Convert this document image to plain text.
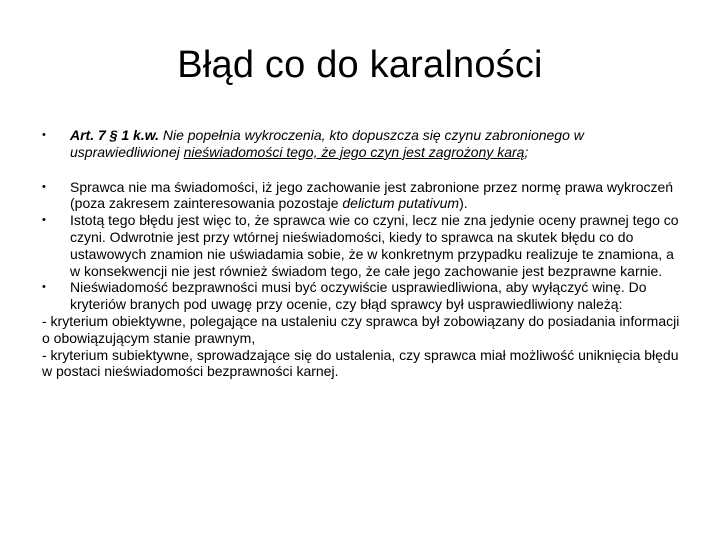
Błąd co do karalności
• Art. 7 § 1 k.w. Nie popełnia wykroczenia, kto dopuszcza się czynu zabronionego w usprawiedliwionej nieświadomości tego, że jego czyn jest zagrożony karą;
• Sprawca nie ma świadomości, iż jego zachowanie jest zabronione przez normę prawa wykroczeń (poza zakresem zainteresowania pozostaje delictum putativum).
• Istotą tego błędu jest więc to, że sprawca wie co czyni, lecz nie zna jedynie oceny prawnej tego co czyni. Odwrotnie jest przy wtórnej nieświadomości, kiedy to sprawca na skutek błędu co do ustawowych znamion nie uświadamia sobie, że w konkretnym przypadku realizuje te znamiona, a w konsekwencji nie jest również świadom tego, że całe jego zachowanie jest bezprawne karnie.
• Nieświadomość bezprawności musi być oczywiście usprawiedliwiona, aby wyłączyć winę. Do kryteriów branych pod uwagę przy ocenie, czy błąd sprawcy był usprawiedliwiony należą:
- kryterium obiektywne, polegające na ustaleniu czy sprawca był zobowiązany do posiadania informacji o obowiązującym stanie prawnym,
- kryterium subiektywne, sprowadzające się do ustalenia, czy sprawca miał możliwość uniknięcia błędu w postaci nieświadomości bezprawności karnej.
